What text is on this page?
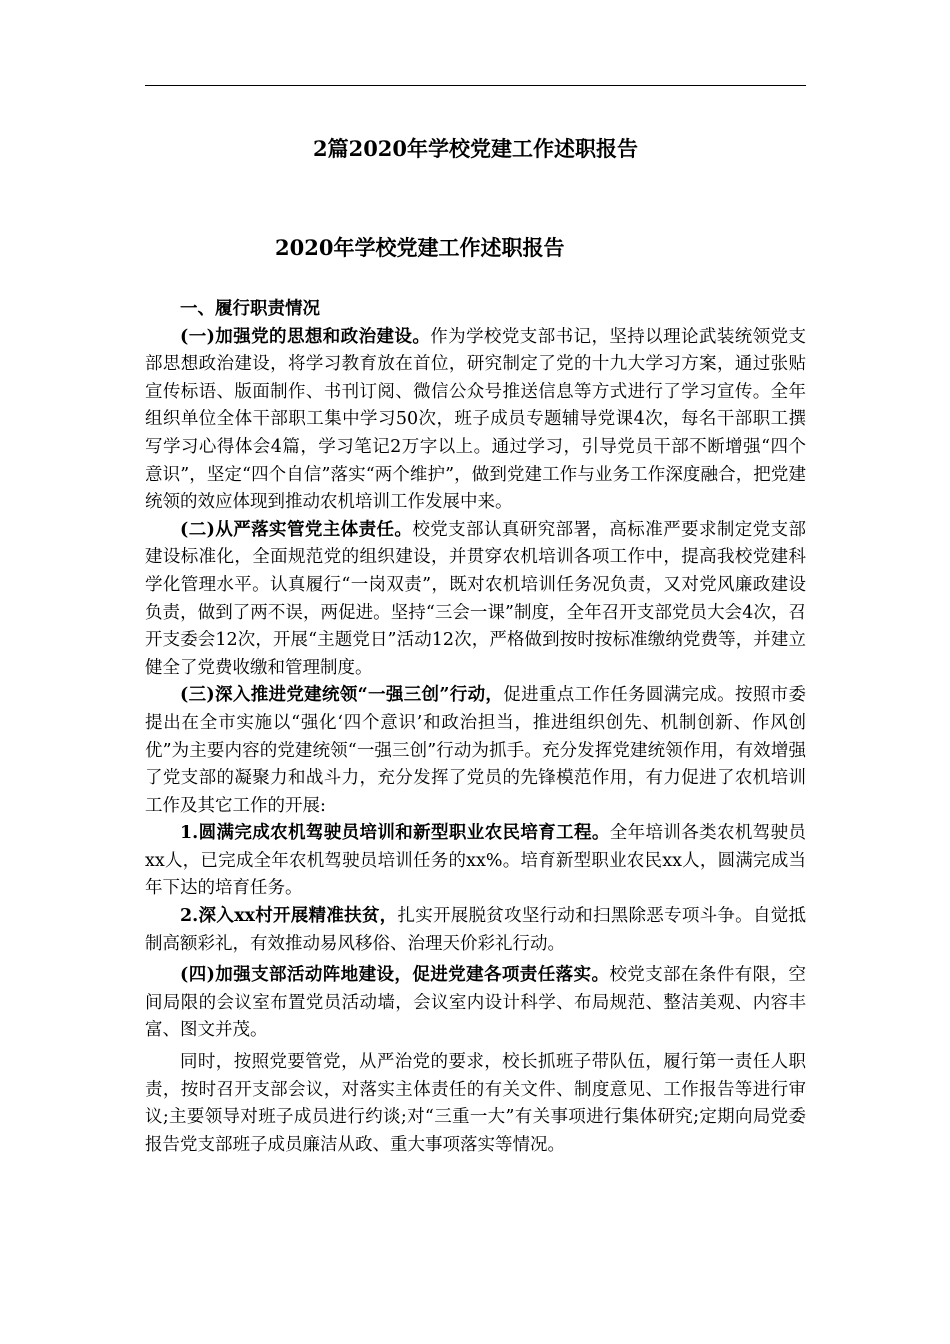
2篇2020年学校党建工作述职报告
2020年学校党建工作述职报告

一、履行职责情况

(一)加强党的思想和政治建设。作为学校党支部书记，坚持以理论武装统领党支部思想政治建设，将学习教育放在首位，研究制定了党的十九大学习方案，通过张贴宣传标语、版面制作、书刊订阅、微信公众号推送信息等方式进行了学习宣传。全年组织单位全体干部职工集中学习50次，班子成员专题辅导党课4次，每名干部职工撰写学习心得体会4篇，学习笔记2万字以上。通过学习，引导党员干部不断增强“四个意识”，坚定“四个自信”落实“两个维护”，做到党建工作与业务工作深度融合，把党建统领的效应体现到推动农机培训工作发展中来。

(二)从严落实管党主体责任。校党支部认真研究部署，高标准严要求制定党支部建设标准化，全面规范党的组织建设，并贯穿农机培训各项工作中，提高我校党建科学化管理水平。认真履行“一岗双责”，既对农机培训任务况负责，又对党风廉政建设负责，做到了两不误，两促进。坚持“三会一课”制度，全年召开支部党员大会4次，召开支委会12次，开展“主题党日”活动12次，严格做到按时按标准缴纳党费等，并建立健全了党费收缴和管理制度。

(三)深入推进党建统领“一强三创”行动，促进重点工作任务圆满完成。按照市委提出在全市实施以“强化‘四个意识’和政治担当，推进组织创先、机制创新、作风创优”为主要内容的党建统领“一强三创”行动为抓手。充分发挥党建统领作用，有效增强了党支部的凝聚力和战斗力，充分发挥了党员的先锋模范作用，有力促进了农机培训工作及其它工作的开展:

1.圆满完成农机驾驶员培训和新型职业农民培育工程。全年培训各类农机驾驶员xx人，已完成全年农机驾驶员培训任务的xx%。培育新型职业农民xx人，圆满完成当年下达的培育任务。

2.深入xx村开展精准扶贫，扎实开展脱贫攻坚行动和扫黑除恶专项斗争。自觉抵制高额彩礼，有效推动易风移俗、治理天价彩礼行动。

(四)加强支部活动阵地建设，促进党建各项责任落实。校党支部在条件有限，空间局限的会议室布置党员活动墙，会议室内设计科学、布局规范、整洁美观、内容丰富、图文并茂。

同时，按照党要管党，从严治党的要求，校长抓班子带队伍，履行第一责任人职责，按时召开支部会议，对落实主体责任的有关文件、制度意见、工作报告等进行审议;主要领导对班子成员进行约谈;对“三重一大”有关事项进行集体研究;定期向局党委报告党支部班子成员廉洁从政、重大事项落实等情况。
